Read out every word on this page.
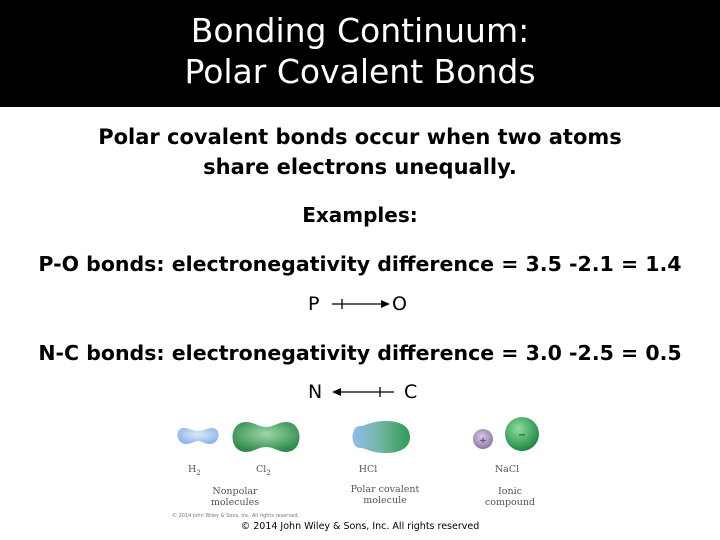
Bonding Continuum:
Polar Covalent Bonds
Polar covalent bonds occur when two atoms
share electrons unequally.
Examples:
P-O bonds: electronegativity difference = 3.5 -2.1 = 1.4
P	O
N-C bonds: electronegativity difference = 3.0 -2.5 = 0.5
N	C
+	−
$H_2$	$Cl_2$	HCl	NaCl
Nonpolar
molecules
Polar covalent
molecule
Ionic
compound
© 2014 John Wiley & Sons, Inc. All rights reserved.
© 2014 John Wiley & Sons, Inc. All rights reserved
